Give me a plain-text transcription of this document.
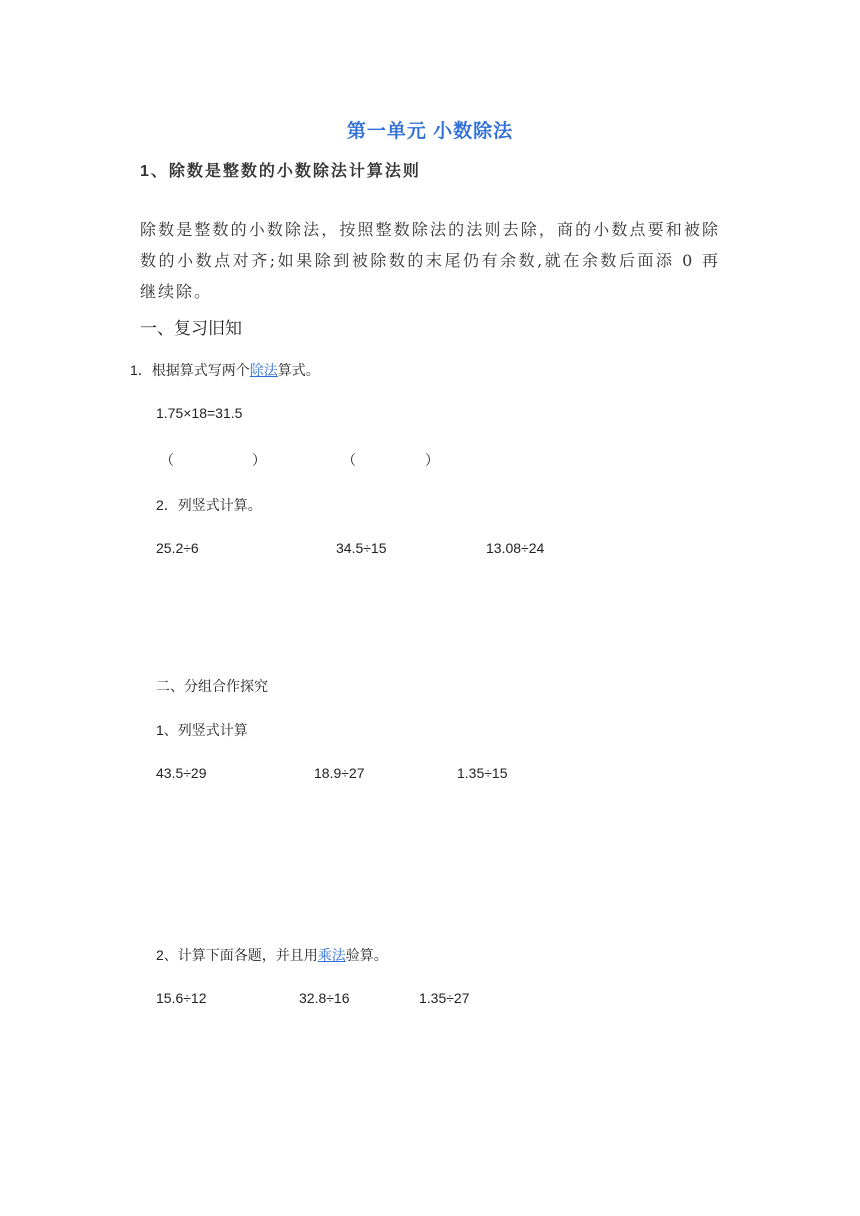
第一单元 小数除法
1、除数是整数的小数除法计算法则
除数是整数的小数除法，按照整数除法的法则去除，商的小数点要和被除数的小数点对齐;如果除到被除数的末尾仍有余数,就在余数后面添 0 再继续除。
一、复习旧知
1．根据算式写两个除法算式。
1.75×18=31.5
（	）	（	）
2．列竖式计算。
25.2÷6	34.5÷15	13.08÷24
二、分组合作探究
1、列竖式计算
43.5÷29	18.9÷27	1.35÷15
2、计算下面各题，并且用乘法验算。
15.6÷12	32.8÷16	1.35÷27
